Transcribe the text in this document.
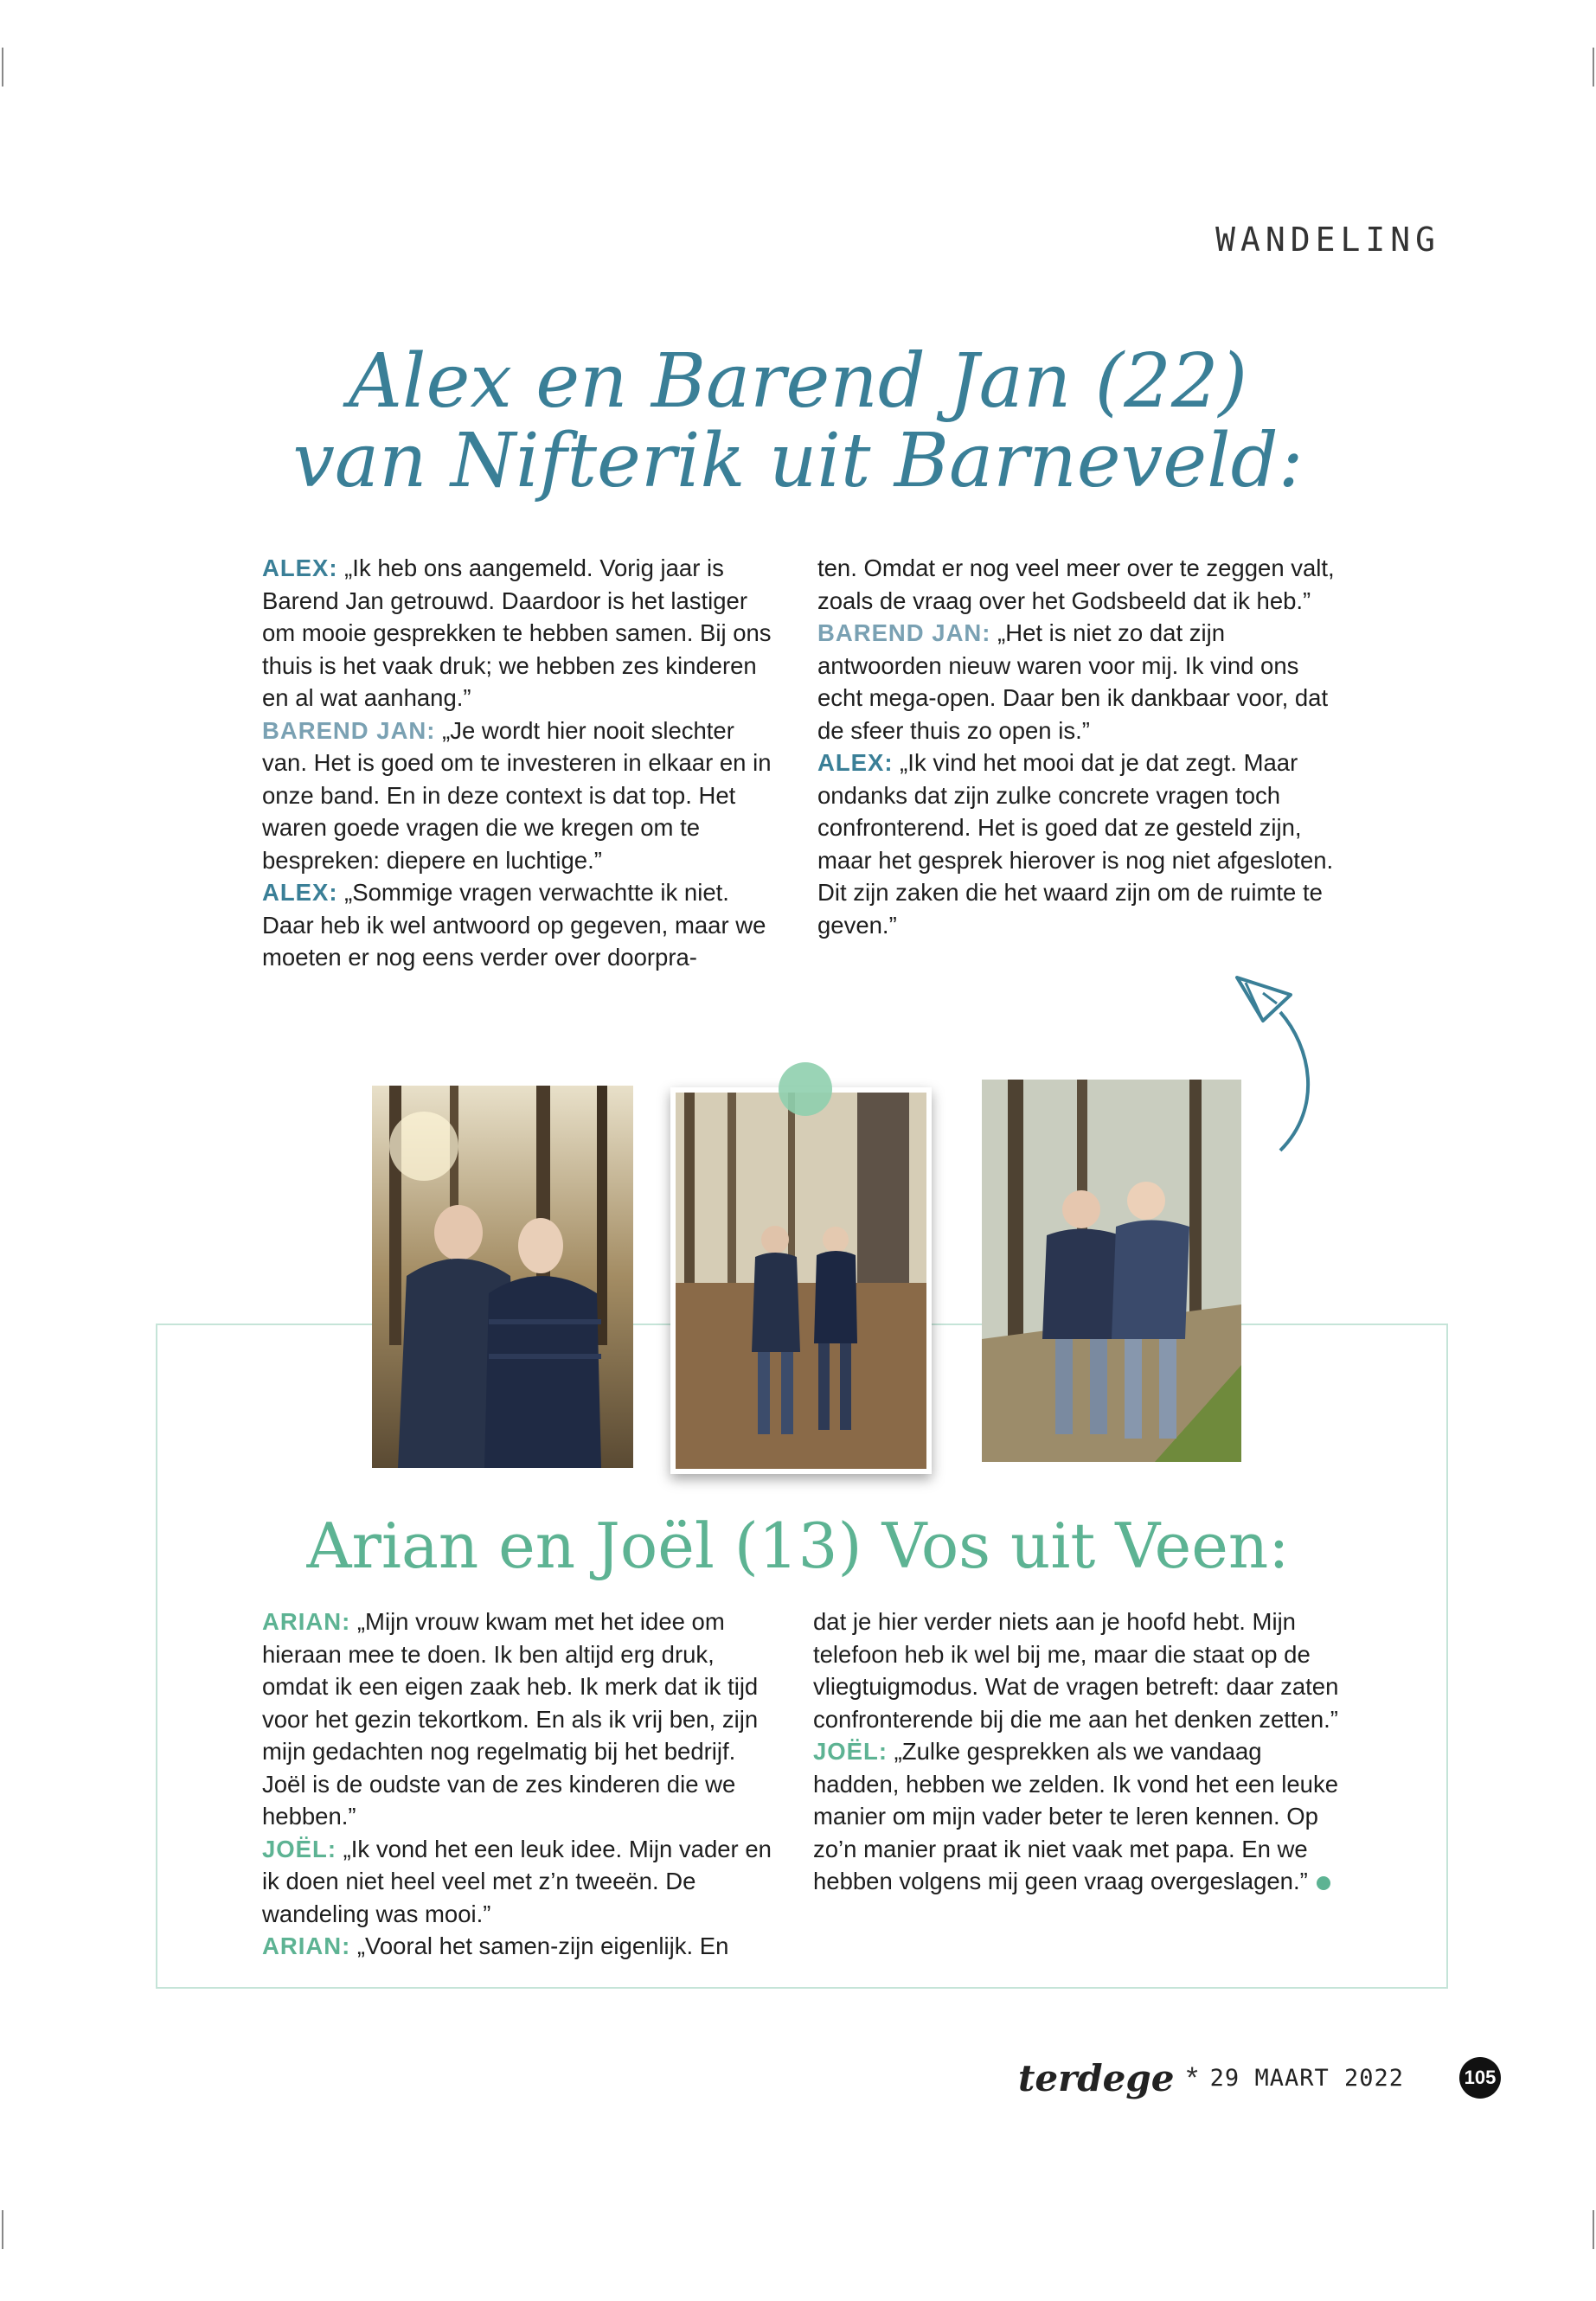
WANDELING
Alex en Barend Jan (22)
van Nifterik uit Barneveld:

ALEX: „Ik heb ons aangemeld. Vorig jaar is Barend Jan getrouwd. Daardoor is het lastiger om mooie gesprekken te hebben samen. Bij ons thuis is het vaak druk; we hebben zes kinderen en al wat aanhang.”

BAREND JAN: „Je wordt hier nooit slechter van. Het is goed om te investeren in elkaar en in onze band. En in deze context is dat top. Het waren goede vragen die we kregen om te bespreken: diepere en luchtige.”

ALEX: „Sommige vragen verwachtte ik niet. Daar heb ik wel antwoord op gegeven, maar we moeten er nog eens verder over doorpra-

ten. Omdat er nog veel meer over te zeggen valt, zoals de vraag over het Godsbeeld dat ik heb.”

BAREND JAN: „Het is niet zo dat zijn antwoorden nieuw waren voor mij. Ik vind ons echt mega-open. Daar ben ik dankbaar voor, dat de sfeer thuis zo open is.”

ALEX: „Ik vind het mooi dat je dat zegt. Maar ondanks dat zijn zulke concrete vragen toch confronterend. Het is goed dat ze gesteld zijn, maar het gesprek hierover is nog niet afgesloten. Dit zijn zaken die het waard zijn om de ruimte te geven.”

Arian en Joël (13) Vos uit Veen:

ARIAN: „Mijn vrouw kwam met het idee om hieraan mee te doen. Ik ben altijd erg druk, omdat ik een eigen zaak heb. Ik merk dat ik tijd voor het gezin tekortkom. En als ik vrij ben, zijn mijn gedachten nog regelmatig bij het bedrijf. Joël is de oudste van de zes kinderen die we hebben.”

JOËL: „Ik vond het een leuk idee. Mijn vader en ik doen niet heel veel met z’n tweeën. De wandeling was mooi.”

ARIAN: „Vooral het samen-zijn eigenlijk. En

dat je hier verder niets aan je hoofd hebt. Mijn telefoon heb ik wel bij me, maar die staat op de vliegtuigmodus. Wat de vragen betreft: daar zaten confronterende bij die me aan het denken zetten.”

JOËL: „Zulke gesprekken als we vandaag hadden, hebben we zelden. Ik vond het een leuke manier om mijn vader beter te leren kennen. Op zo’n manier praat ik niet vaak met papa. En we hebben volgens mij geen vraag overgeslagen.”

terdege * 29 MAART 2022	105
